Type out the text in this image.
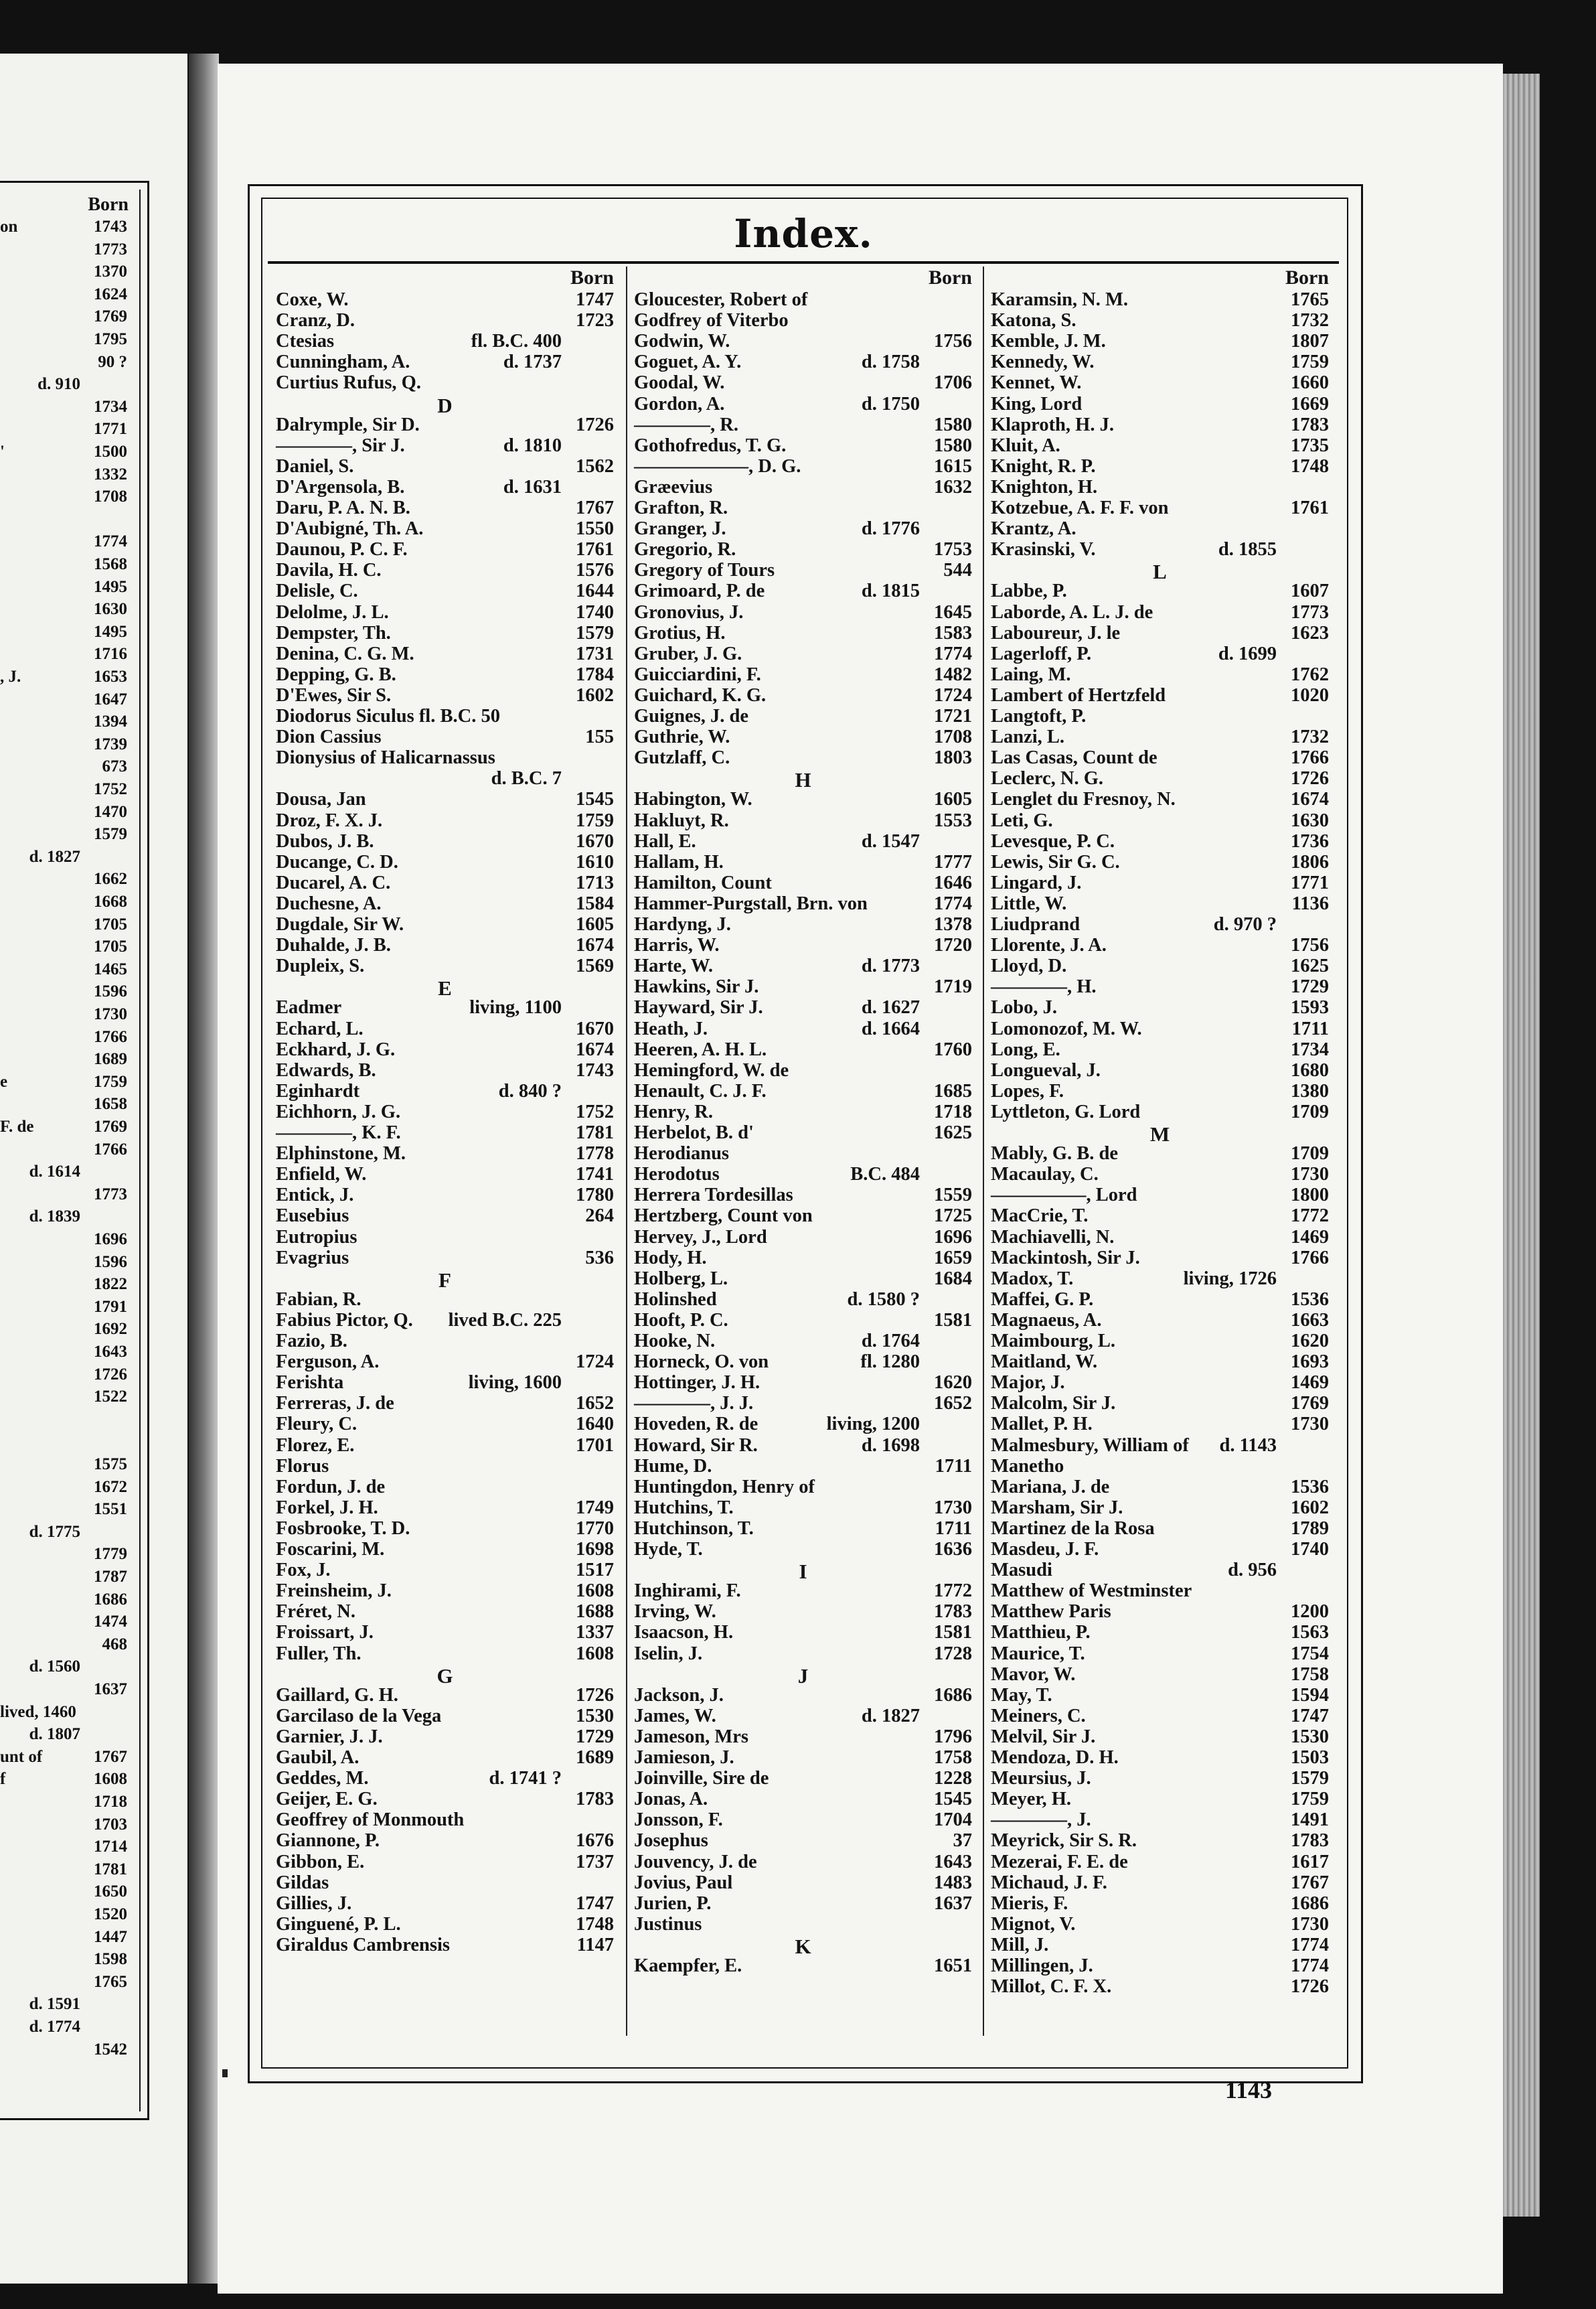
Born
on	1743
1773
1370
1624
1769
1795
90 ?
d. 910
1734
1771
'	1500
1332
1708
1774
1568
1495
1630
1495
1716
, J.	1653
1647
1394
1739
673
1752
1470
1579
d. 1827
1662
1668
1705
1705
1465
1596
1730
1766
1689
e	1759
1658
F. de	1769
1766
d. 1614
1773
d. 1839
1696
1596
1822
1791
1692
1643
1726
1522
1575
1672
1551
d. 1775
1779
1787
1686
1474
468
d. 1560
1637
lived, 1460
d. 1807
unt of	1767
f	1608
1718
1703
1714
1781
1650
1520
1447
1598
1765
d. 1591
d. 1774
1542
Index.
Born
Coxe, W.	1747
Cranz, D.	1723
Ctesias	fl. B.C. 400
Cunningham, A.	d. 1737
Curtius Rufus, Q.
D
Dalrymple, Sir D.	1726
————, Sir J.	d. 1810
Daniel, S.	1562
D'Argensola, B.	d. 1631
Daru, P. A. N. B.	1767
D'Aubigné, Th. A.	1550
Daunou, P. C. F.	1761
Davila, H. C.	1576
Delisle, C.	1644
Delolme, J. L.	1740
Dempster, Th.	1579
Denina, C. G. M.	1731
Depping, G. B.	1784
D'Ewes, Sir S.	1602
Diodorus Siculus fl. B.C. 50
Dion Cassius	155
Dionysius of Halicarnassus
d. B.C. 7
Dousa, Jan	1545
Droz, F. X. J.	1759
Dubos, J. B.	1670
Ducange, C. D.	1610
Ducarel, A. C.	1713
Duchesne, A.	1584
Dugdale, Sir W.	1605
Duhalde, J. B.	1674
Dupleix, S.	1569
E
Eadmer	living, 1100
Echard, L.	1670
Eckhard, J. G.	1674
Edwards, B.	1743
Eginhardt	d. 840 ?
Eichhorn, J. G.	1752
————, K. F.	1781
Elphinstone, M.	1778
Enfield, W.	1741
Entick, J.	1780
Eusebius	264
Eutropius
Evagrius	536
F
Fabian, R.
Fabius Pictor, Q. lived B.C. 225
Fazio, B.
Ferguson, A.	1724
Ferishta	living, 1600
Ferreras, J. de	1652
Fleury, C.	1640
Florez, E.	1701
Florus
Fordun, J. de
Forkel, J. H.	1749
Fosbrooke, T. D.	1770
Foscarini, M.	1698
Fox, J.	1517
Freinsheim, J.	1608
Fréret, N.	1688
Froissart, J.	1337
Fuller, Th.	1608
G
Gaillard, G. H.	1726
Garcilaso de la Vega	1530
Garnier, J. J.	1729
Gaubil, A.	1689
Geddes, M.	d. 1741 ?
Geijer, E. G.	1783
Geoffrey of Monmouth
Giannone, P.	1676
Gibbon, E.	1737
Gildas
Gillies, J.	1747
Ginguené, P. L.	1748
Giraldus Cambrensis	1147
Born
Gloucester, Robert of
Godfrey of Viterbo
Godwin, W.	1756
Goguet, A. Y.	d. 1758
Goodal, W.	1706
Gordon, A.	d. 1750
————, R.	1580
Gothofredus, T. G.	1580
——————, D. G.	1615
Græevius	1632
Grafton, R.
Granger, J.	d. 1776
Gregorio, R.	1753
Gregory of Tours	544
Grimoard, P. de	d. 1815
Gronovius, J.	1645
Grotius, H.	1583
Gruber, J. G.	1774
Guicciardini, F.	1482
Guichard, K. G.	1724
Guignes, J. de	1721
Guthrie, W.	1708
Gutzlaff, C.	1803
H
Habington, W.	1605
Hakluyt, R.	1553
Hall, E.	d. 1547
Hallam, H.	1777
Hamilton, Count	1646
Hammer-Purgstall, Brn. von	1774
Hardyng, J.	1378
Harris, W.	1720
Harte, W.	d. 1773
Hawkins, Sir J.	1719
Hayward, Sir J.	d. 1627
Heath, J.	d. 1664
Heeren, A. H. L.	1760
Hemingford, W. de
Henault, C. J. F.	1685
Henry, R.	1718
Herbelot, B. d'	1625
Herodianus
Herodotus	B.C. 484
Herrera Tordesillas	1559
Hertzberg, Count von	1725
Hervey, J., Lord	1696
Hody, H.	1659
Holberg, L.	1684
Holinshed	d. 1580 ?
Hooft, P. C.	1581
Hooke, N.	d. 1764
Horneck, O. von	fl. 1280
Hottinger, J. H.	1620
————, J. J.	1652
Hoveden, R. de	living, 1200
Howard, Sir R.	d. 1698
Hume, D.	1711
Huntingdon, Henry of
Hutchins, T.	1730
Hutchinson, T.	1711
Hyde, T.	1636
I
Inghirami, F.	1772
Irving, W.	1783
Isaacson, H.	1581
Iselin, J.	1728
J
Jackson, J.	1686
James, W.	d. 1827
Jameson, Mrs	1796
Jamieson, J.	1758
Joinville, Sire de	1228
Jonas, A.	1545
Jonsson, F.	1704
Josephus	37
Jouvency, J. de	1643
Jovius, Paul	1483
Jurien, P.	1637
Justinus
K
Kaempfer, E.	1651
Born
Karamsin, N. M.	1765
Katona, S.	1732
Kemble, J. M.	1807
Kennedy, W.	1759
Kennet, W.	1660
King, Lord	1669
Klaproth, H. J.	1783
Kluit, A.	1735
Knight, R. P.	1748
Knighton, H.
Kotzebue, A. F. F. von	1761
Krantz, A.
Krasinski, V.	d. 1855
L
Labbe, P.	1607
Laborde, A. L. J. de	1773
Laboureur, J. le	1623
Lagerloff, P.	d. 1699
Laing, M.	1762
Lambert of Hertzfeld	1020
Langtoft, P.
Lanzi, L.	1732
Las Casas, Count de	1766
Leclerc, N. G.	1726
Lenglet du Fresnoy, N.	1674
Leti, G.	1630
Levesque, P. C.	1736
Lewis, Sir G. C.	1806
Lingard, J.	1771
Little, W.	1136
Liudprand	d. 970 ?
Llorente, J. A.	1756
Lloyd, D.	1625
————, H.	1729
Lobo, J.	1593
Lomonozof, M. W.	1711
Long, E.	1734
Longueval, J.	1680
Lopes, F.	1380
Lyttleton, G. Lord	1709
M
Mably, G. B. de	1709
Macaulay, C.	1730
—————, Lord	1800
MacCrie, T.	1772
Machiavelli, N.	1469
Mackintosh, Sir J.	1766
Madox, T.	living, 1726
Maffei, G. P.	1536
Magnaeus, A.	1663
Maimbourg, L.	1620
Maitland, W.	1693
Major, J.	1469
Malcolm, Sir J.	1769
Mallet, P. H.	1730
Malmesbury, William of d. 1143
Manetho
Mariana, J. de	1536
Marsham, Sir J.	1602
Martinez de la Rosa	1789
Masdeu, J. F.	1740
Masudi	d. 956
Matthew of Westminster
Matthew Paris	1200
Matthieu, P.	1563
Maurice, T.	1754
Mavor, W.	1758
May, T.	1594
Meiners, C.	1747
Melvil, Sir J.	1530
Mendoza, D. H.	1503
Meursius, J.	1579
Meyer, H.	1759
————, J.	1491
Meyrick, Sir S. R.	1783
Mezerai, F. E. de	1617
Michaud, J. F.	1767
Mieris, F.	1686
Mignot, V.	1730
Mill, J.	1774
Millingen, J.	1774
Millot, C. F. X.	1726
1143
